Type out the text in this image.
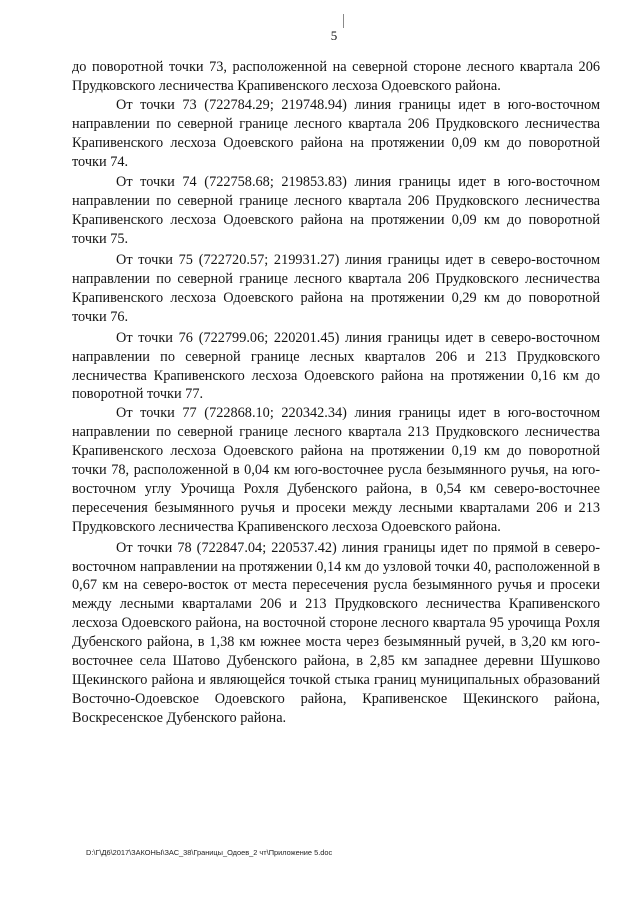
5

до поворотной точки 73, расположенной на северной стороне лесного квартала 206 Прудковского лесничества Крапивенского лесхоза Одоевского района.

От точки 73 (722784.29; 219748.94) линия границы идет в юго-восточном направлении по северной границе лесного квартала 206 Прудковского лесничества Крапивенского лесхоза Одоевского района на протяжении 0,09 км до поворотной точки 74.

От точки 74 (722758.68; 219853.83) линия границы идет в юго-восточном направлении по северной границе лесного квартала 206 Прудковского лесничества Крапивенского лесхоза Одоевского района на протяжении 0,09 км до поворотной точки 75.

От точки 75 (722720.57; 219931.27) линия границы идет в северо-восточном направлении по северной границе лесного квартала 206 Прудковского лесничества Крапивенского лесхоза Одоевского района на протяжении 0,29 км до поворотной точки 76.

От точки 76 (722799.06; 220201.45) линия границы идет в северо-восточном направлении по северной границе лесных кварталов 206 и 213 Прудковского лесничества Крапивенского лесхоза Одоевского района на протяжении 0,16 км до поворотной точки 77.

От точки 77 (722868.10; 220342.34) линия границы идет в юго-восточном направлении по северной границе лесного квартала 213 Прудковского лесничества Крапивенского лесхоза Одоевского района на протяжении 0,19 км до поворотной точки 78, расположенной в 0,04 км юго-восточнее русла безымянного ручья, на юго-восточном углу Урочища Рохля Дубенского района, в 0,54 км северо-восточнее пересечения безымянного ручья и просеки между лесными кварталами 206 и 213 Прудковского лесничества Крапивенского лесхоза Одоевского района.

От точки 78 (722847.04; 220537.42) линия границы идет по прямой в северо-восточном направлении на протяжении 0,14 км до узловой точки 40, расположенной в 0,67 км на северо-восток от места пересечения русла безымянного ручья и просеки между лесными кварталами 206 и 213 Прудковского лесничества Крапивенского лесхоза Одоевского района, на восточной стороне лесного квартала 95 урочища Рохля Дубенского района, в 1,38 км южнее моста через безымянный ручей, в 3,20 км юго-восточнее села Шатово Дубенского района, в 2,85 км западнее деревни Шушково Щекинского района и являющейся точкой стыка границ муниципальных образований Восточно-Одоевское Одоевского района, Крапивенское Щекинского района, Воскресенское Дубенского района.

D:\Г\Д6\2017\ЗАКОНЫ\ЗАС_38\Границы_Одоев_2 чт\Приложение 5.doc
